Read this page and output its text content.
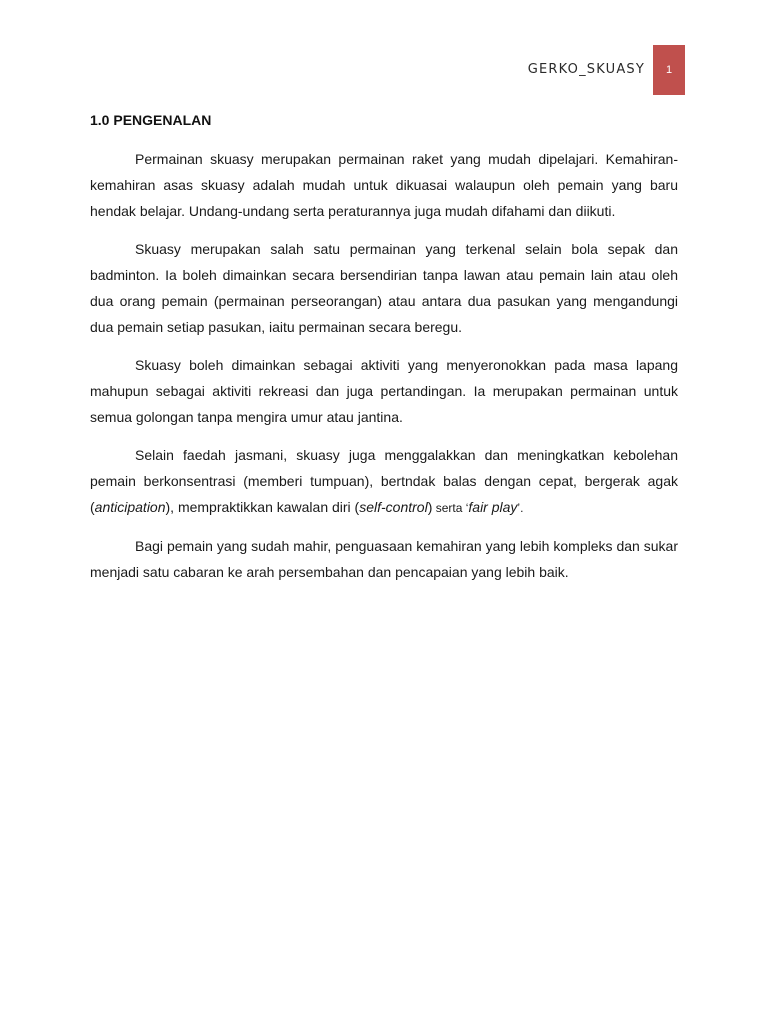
GERKO_SKUASY	1
1.0 PENGENALAN

Permainan skuasy merupakan permainan raket yang mudah dipelajari. Kemahiran-kemahiran asas skuasy adalah mudah untuk dikuasai walaupun oleh pemain yang baru hendak belajar. Undang-undang serta peraturannya juga mudah difahami dan diikuti.

Skuasy merupakan salah satu permainan yang terkenal selain bola sepak dan badminton. Ia boleh dimainkan secara bersendirian tanpa lawan atau pemain lain atau oleh dua orang pemain (permainan perseorangan) atau antara dua pasukan yang mengandungi dua pemain setiap pasukan, iaitu permainan secara beregu.

Skuasy boleh dimainkan sebagai aktiviti yang menyeronokkan pada masa lapang mahupun sebagai aktiviti rekreasi dan juga pertandingan. Ia merupakan permainan untuk semua golongan tanpa mengira umur atau jantina.

Selain faedah jasmani, skuasy juga menggalakkan dan meningkatkan kebolehan pemain berkonsentrasi (memberi tumpuan), bertndak balas dengan cepat, bergerak agak (anticipation), mempraktikkan kawalan diri (self-control) serta ‘fair play’.

Bagi pemain yang sudah mahir, penguasaan kemahiran yang lebih kompleks dan sukar menjadi satu cabaran ke arah persembahan dan pencapaian yang lebih baik.
